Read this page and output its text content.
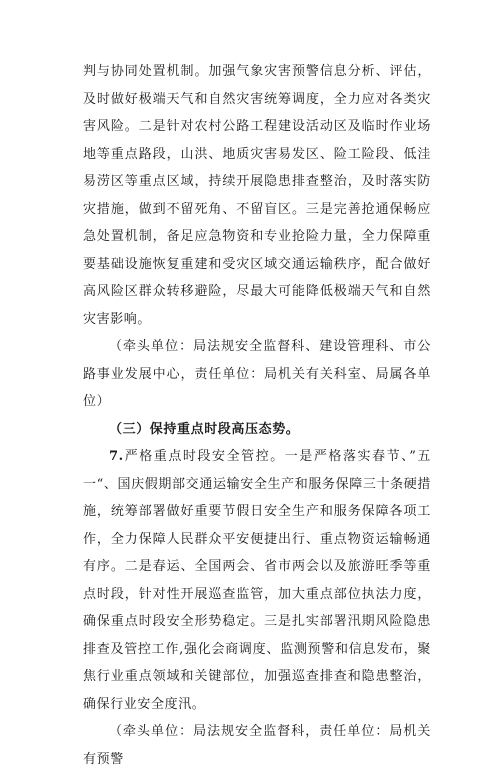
判与协同处置机制。加强气象灾害预警信息分析、评估，及时做好极端天气和自然灾害统筹调度，全力应对各类灾害风险。二是针对农村公路工程建设活动区及临时作业场地等重点路段，山洪、地质灾害易发区、险工险段、低洼易涝区等重点区域，持续开展隐患排查整治，及时落实防灾措施，做到不留死角、不留盲区。三是完善抢通保畅应急处置机制，备足应急物资和专业抢险力量，全力保障重要基础设施恢复重建和受灾区域交通运输秩序，配合做好高风险区群众转移避险，尽最大可能降低极端天气和自然灾害影响。

（牵头单位：局法规安全监督科、建设管理科、市公路事业发展中心，责任单位：局机关有关科室、局属各单位）

（三）保持重点时段高压态势。

7.严格重点时段安全管控。一是严格落实春节、”五一“、国庆假期部交通运输安全生产和服务保障三十条硬措施，统筹部署做好重要节假日安全生产和服务保障各项工作，全力保障人民群众平安便捷出行、重点物资运输畅通有序。二是春运、全国两会、省市两会以及旅游旺季等重点时段，针对性开展巡查监管，加大重点部位执法力度，确保重点时段安全形势稳定。三是扎实部署汛期风险隐患排查及管控工作,强化会商调度、监测预警和信息发布，聚焦行业重点领域和关键部位，加强巡查排查和隐患整治，确保行业安全度汛。

（牵头单位：局法规安全监督科，责任单位：局机关有预警
